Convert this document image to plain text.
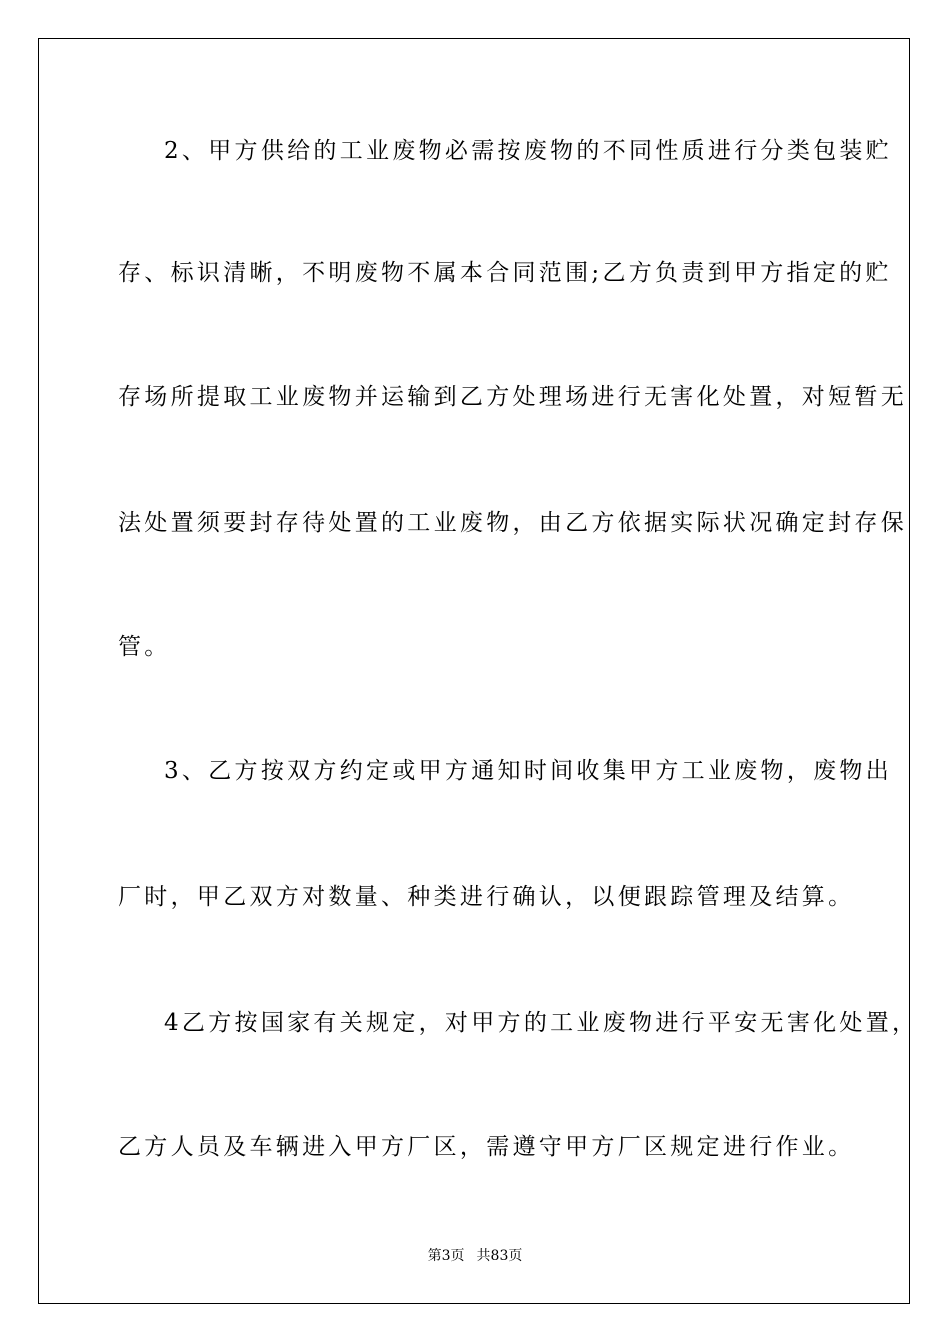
2、甲方供给的工业废物必需按废物的不同性质进行分类包装贮
存、标识清晰，不明废物不属本合同范围;乙方负责到甲方指定的贮
存场所提取工业废物并运输到乙方处理场进行无害化处置，对短暂无
法处置须要封存待处置的工业废物，由乙方依据实际状况确定封存保
管。
3、乙方按双方约定或甲方通知时间收集甲方工业废物，废物出
厂时，甲乙双方对数量、种类进行确认，以便跟踪管理及结算。
4乙方按国家有关规定，对甲方的工业废物进行平安无害化处置，
乙方人员及车辆进入甲方厂区，需遵守甲方厂区规定进行作业。
第3页 共83页
